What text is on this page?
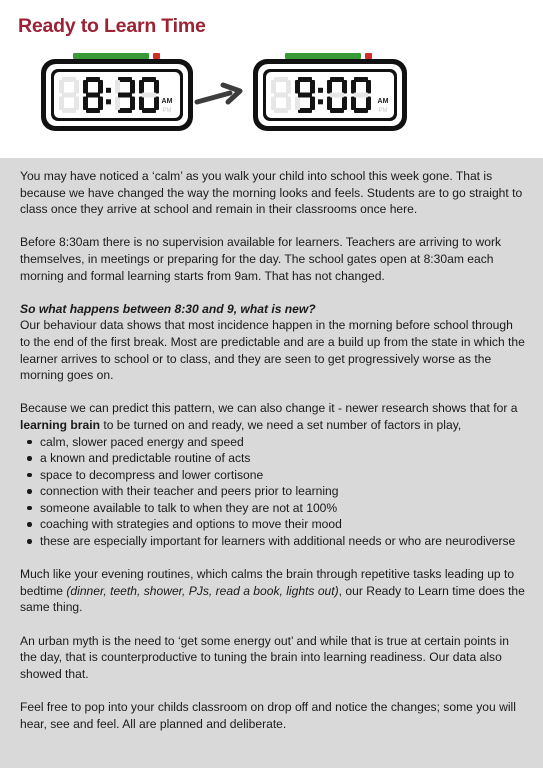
Ready to Learn Time
AM
PM
AM
PM

You may have noticed a ‘calm’ as you walk your child into school this week gone. That is because we have changed the way the morning looks and feels. Students are to go straight to class once they arrive at school and remain in their classrooms once here.

Before 8:30am there is no supervision available for learners. Teachers are arriving to work themselves, in meetings or preparing for the day. The school gates open at 8:30am each morning and formal learning starts from 9am. That has not changed.

So what happens between 8:30 and 9, what is new?

Our behaviour data shows that most incidence happen in the morning before school through to the end of the first break. Most are predictable and are a build up from the state in which the learner arrives to school or to class, and they are seen to get progressively worse as the morning goes on.

Because we can predict this pattern, we can also change it - newer research shows that for a learning brain to be turned on and ready, we need a set number of factors in play,

calm, slower paced energy and speed
a known and predictable routine of acts
space to decompress and lower cortisone
connection with their teacher and peers prior to learning
someone available to talk to when they are not at 100%
coaching with strategies and options to move their mood
these are especially important for learners with additional needs or who are neurodiverse

Much like your evening routines, which calms the brain through repetitive tasks leading up to bedtime (dinner, teeth, shower, PJs, read a book, lights out), our Ready to Learn time does the same thing.

An urban myth is the need to ‘get some energy out’ and while that is true at certain points in the day, that is counterproductive to tuning the brain into learning readiness. Our data also showed that.

Feel free to pop into your childs classroom on drop off and notice the changes; some you will hear, see and feel. All are planned and deliberate.
